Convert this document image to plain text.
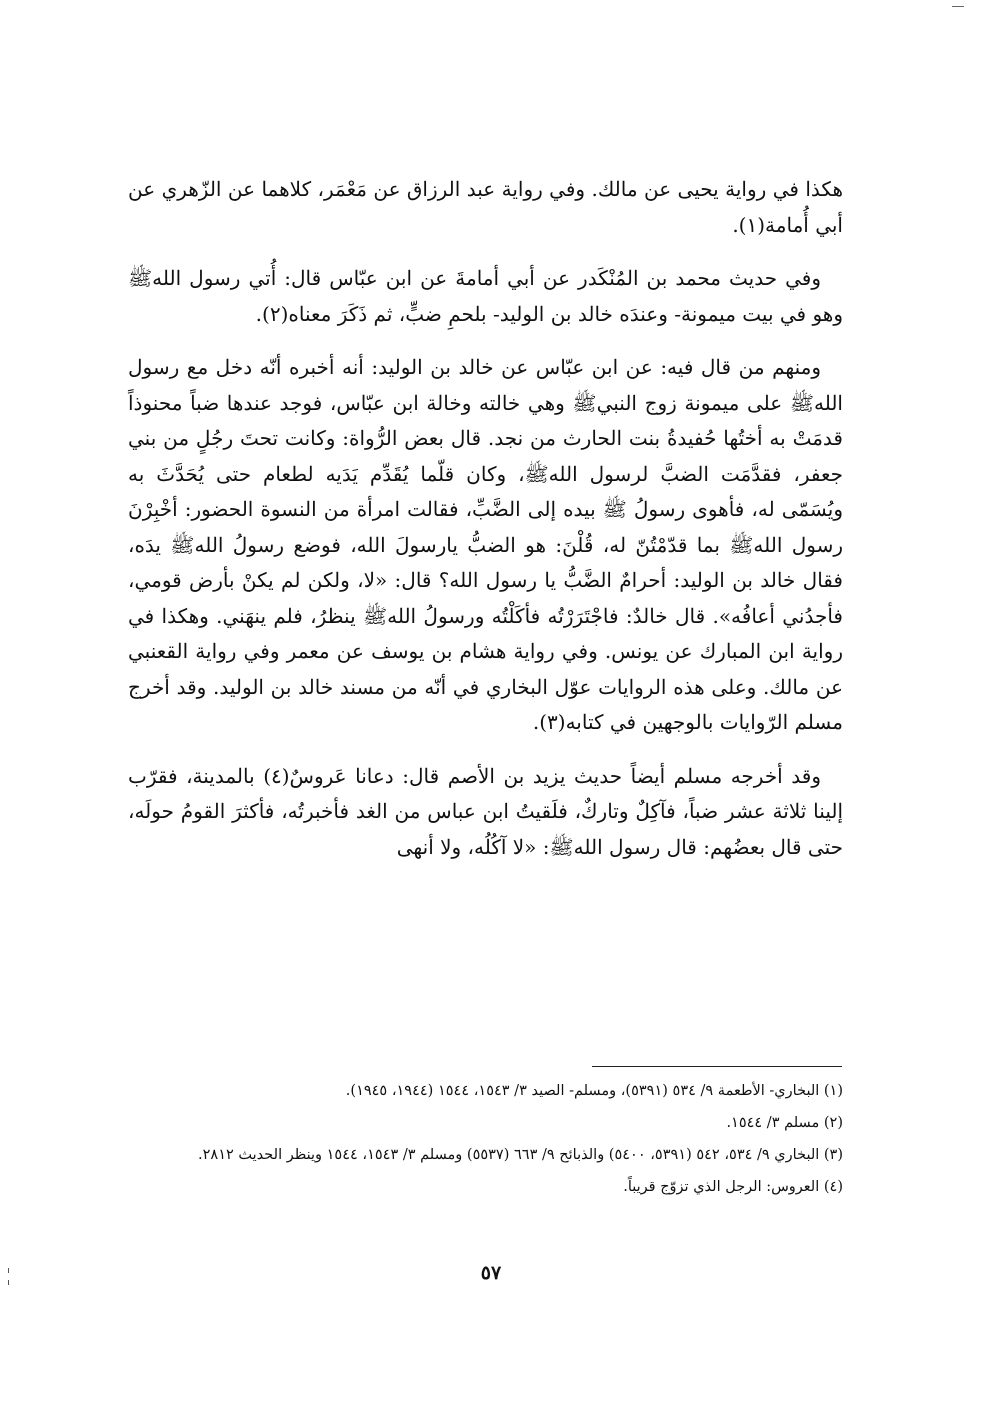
هكذا في رواية يحيى عن مالك. وفي رواية عبد الرزاق عن مَعْمَر، كلاهما عن الزّهري عن أبي أُمامة(١).

وفي حديث محمد بن المُنْكَدر عن أبي أمامةَ عن ابن عبّاس قال: أُتي رسول اللهﷺ وهو في بيت ميمونة- وعندَه خالد بن الوليد- بلحمِ ضبٍّ، ثم ذَكَرَ معناه(٢).

ومنهم من قال فيه: عن ابن عبّاس عن خالد بن الوليد: أنه أخبره أنّه دخل مع رسول اللهﷺ على ميمونة زوج النبيﷺ وهي خالته وخالة ابن عبّاس، فوجد عندها ضباً محنوذاً قدمَتْ به أختُها حُفيدةُ بنت الحارث من نجد. قال بعض الرُّواة: وكانت تحتَ رجُلٍ من بني جعفر، فقدَّمَت الضبَّ لرسول اللهﷺ، وكان قلّما يُقَدِّم يَدَيه لطعام حتى يُحَدَّثَ به ويُسَمّى له، فأهوى رسولُ ﷺ بيده إلى الضَّبِّ، فقالت امرأة من النسوة الحضور: أخْبِرْنَ رسول اللهﷺ بما قدّمْتُنّ له، قُلْنَ: هو الضبُّ يارسولَ الله، فوضع رسولُ اللهﷺ يدَه، فقال خالد بن الوليد: أحرامٌ الضَّبُّ يا رسول الله؟ قال: «لا، ولكن لم يكنْ بأرض قومي، فأجدُني أعافُه». قال خالدٌ: فاجْتَرَرْتُه فأكَلْتُه ورسولُ اللهﷺ ينظرُ، فلم ينهَني. وهكذا في رواية ابن المبارك عن يونس. وفي رواية هشام بن يوسف عن معمر وفي رواية القعنبي عن مالك. وعلى هذه الروايات عوّل البخاري في أنّه من مسند خالد بن الوليد. وقد أخرج مسلم الرّوايات بالوجهين في كتابه(٣).

وقد أخرجه مسلم أيضاً حديث يزيد بن الأصم قال: دعانا عَروسٌ(٤) بالمدينة، فقرّب إلينا ثلاثة عشر ضباً، فآكِلٌ وتاركٌ، فلَقيتُ ابن عباس من الغد فأخبرتُه، فأكثرَ القومُ حولَه، حتى قال بعضُهم: قال رسول اللهﷺ: «لا آكُلُه، ولا أنهى

(١) البخاري- الأطعمة ٩/ ٥٣٤ (٥٣٩١)، ومسلم- الصيد ٣/ ١٥٤٣، ١٥٤٤ (١٩٤٤، ١٩٤٥).

(٢) مسلم ٣/ ١٥٤٤.

(٣) البخاري ٩/ ٥٣٤، ٥٤٢ (٥٣٩١، ٥٤٠٠) والذبائح ٩/ ٦٦٣ (٥٥٣٧) ومسلم ٣/ ١٥٤٣، ١٥٤٤ وينظر الحديث ٢٨١٢.

(٤) العروس: الرجل الذي تزوّج قريباً.

٥٧
